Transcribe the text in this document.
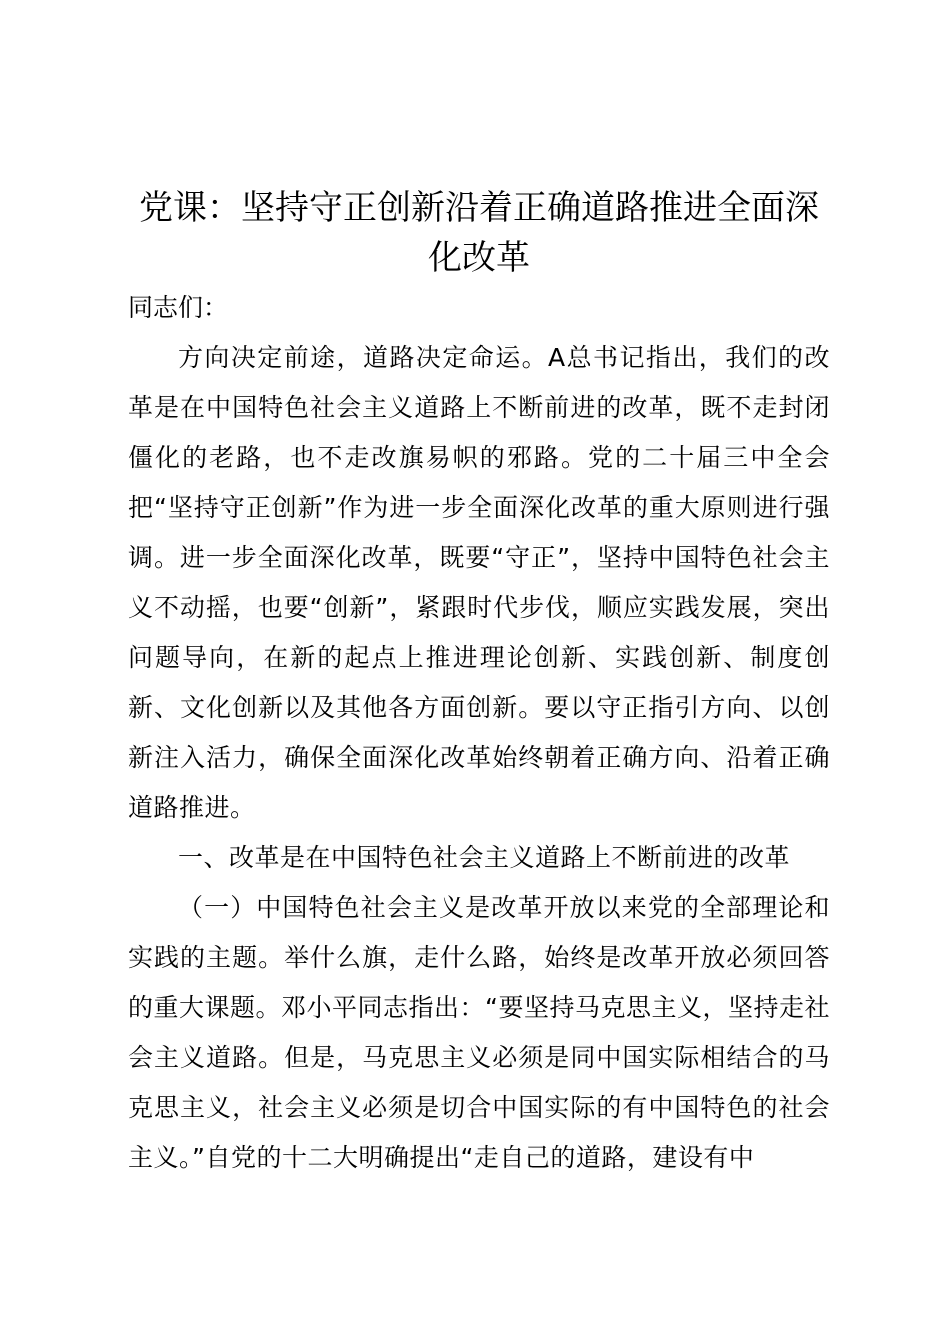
党课：坚持守正创新沿着正确道路推进全面深化改革

同志们：

方向决定前途，道路决定命运。A总书记指出，我们的改革是在中国特色社会主义道路上不断前进的改革，既不走封闭僵化的老路，也不走改旗易帜的邪路。党的二十届三中全会把“坚持守正创新”作为进一步全面深化改革的重大原则进行强调。进一步全面深化改革，既要“守正”，坚持中国特色社会主义不动摇，也要“创新”，紧跟时代步伐，顺应实践发展，突出问题导向，在新的起点上推进理论创新、实践创新、制度创新、文化创新以及其他各方面创新。要以守正指引方向、以创新注入活力，确保全面深化改革始终朝着正确方向、沿着正确道路推进。

一、改革是在中国特色社会主义道路上不断前进的改革

（一）中国特色社会主义是改革开放以来党的全部理论和实践的主题。举什么旗，走什么路，始终是改革开放必须回答的重大课题。邓小平同志指出：“要坚持马克思主义，坚持走社会主义道路。但是，马克思主义必须是同中国实际相结合的马克思主义，社会主义必须是切合中国实际的有中国特色的社会主义。”自党的十二大明确提出“走自己的道路，建设有中
